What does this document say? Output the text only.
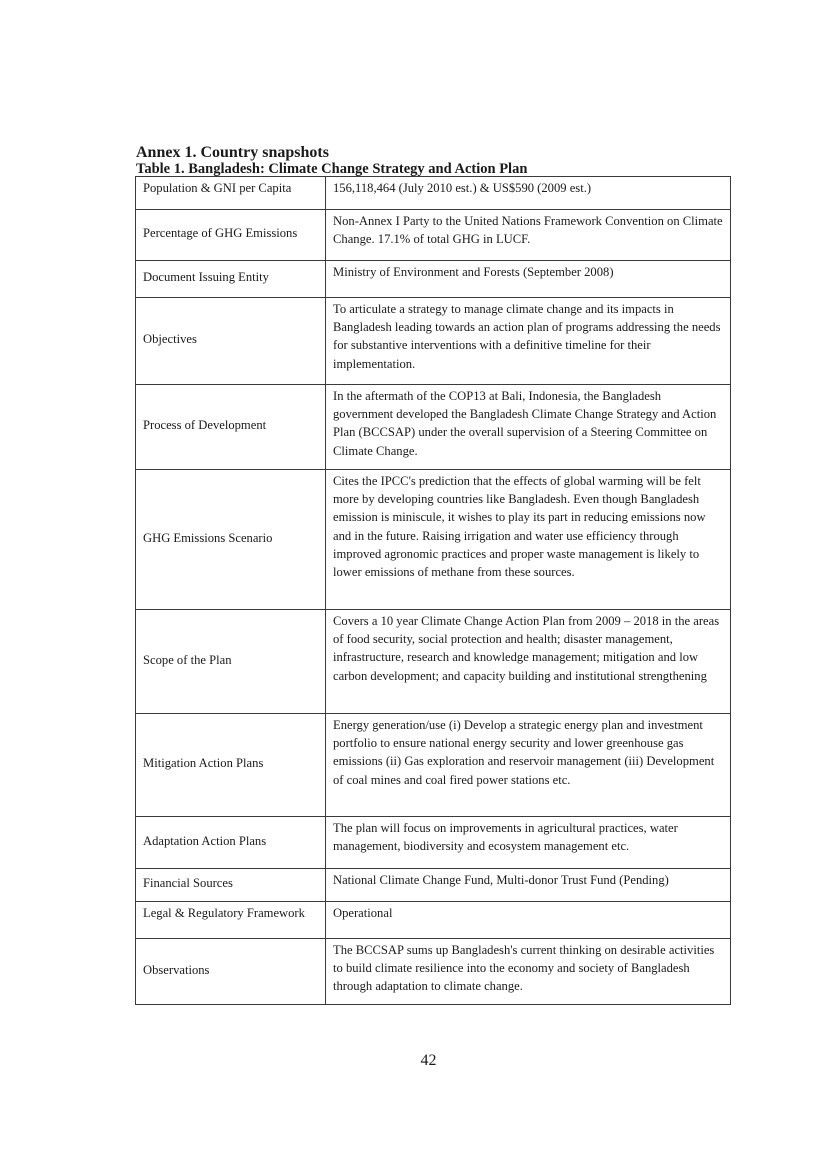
Annex 1. Country snapshots
Table 1. Bangladesh: Climate Change Strategy and Action Plan
Population & GNI per Capita	156,118,464 (July 2010 est.) & US$590 (2009 est.)
Percentage of GHG Emissions	Non-Annex I Party to the United Nations Framework Convention on Climate Change. 17.1% of total GHG in LUCF.
Document Issuing Entity	Ministry of Environment and Forests (September 2008)
Objectives	To articulate a strategy to manage climate change and its impacts in Bangladesh leading towards an action plan of programs addressing the needs for substantive interventions with a definitive timeline for their implementation.
Process of Development	In the aftermath of the COP13 at Bali, Indonesia, the Bangladesh government developed the Bangladesh Climate Change Strategy and Action Plan (BCCSAP) under the overall supervision of a Steering Committee on Climate Change.
GHG Emissions Scenario	Cites the IPCC's prediction that the effects of global warming will be felt more by developing countries like Bangladesh. Even though Bangladesh emission is miniscule, it wishes to play its part in reducing emissions now and in the future. Raising irrigation and water use efficiency through improved agronomic practices and proper waste management is likely to lower emissions of methane from these sources.
Scope of the Plan	Covers a 10 year Climate Change Action Plan from 2009 – 2018 in the areas of food security, social protection and health; disaster management, infrastructure, research and knowledge management; mitigation and low carbon development; and capacity building and institutional strengthening
Mitigation Action Plans	Energy generation/use (i) Develop a strategic energy plan and investment portfolio to ensure national energy security and lower greenhouse gas emissions (ii) Gas exploration and reservoir management (iii) Development of coal mines and coal fired power stations etc.
Adaptation Action Plans	The plan will focus on improvements in agricultural practices, water management, biodiversity and ecosystem management etc.
Financial Sources	National Climate Change Fund, Multi-donor Trust Fund (Pending)
Legal & Regulatory Framework	Operational
Observations	The BCCSAP sums up Bangladesh's current thinking on desirable activities to build climate resilience into the economy and society of Bangladesh through adaptation to climate change.
42
